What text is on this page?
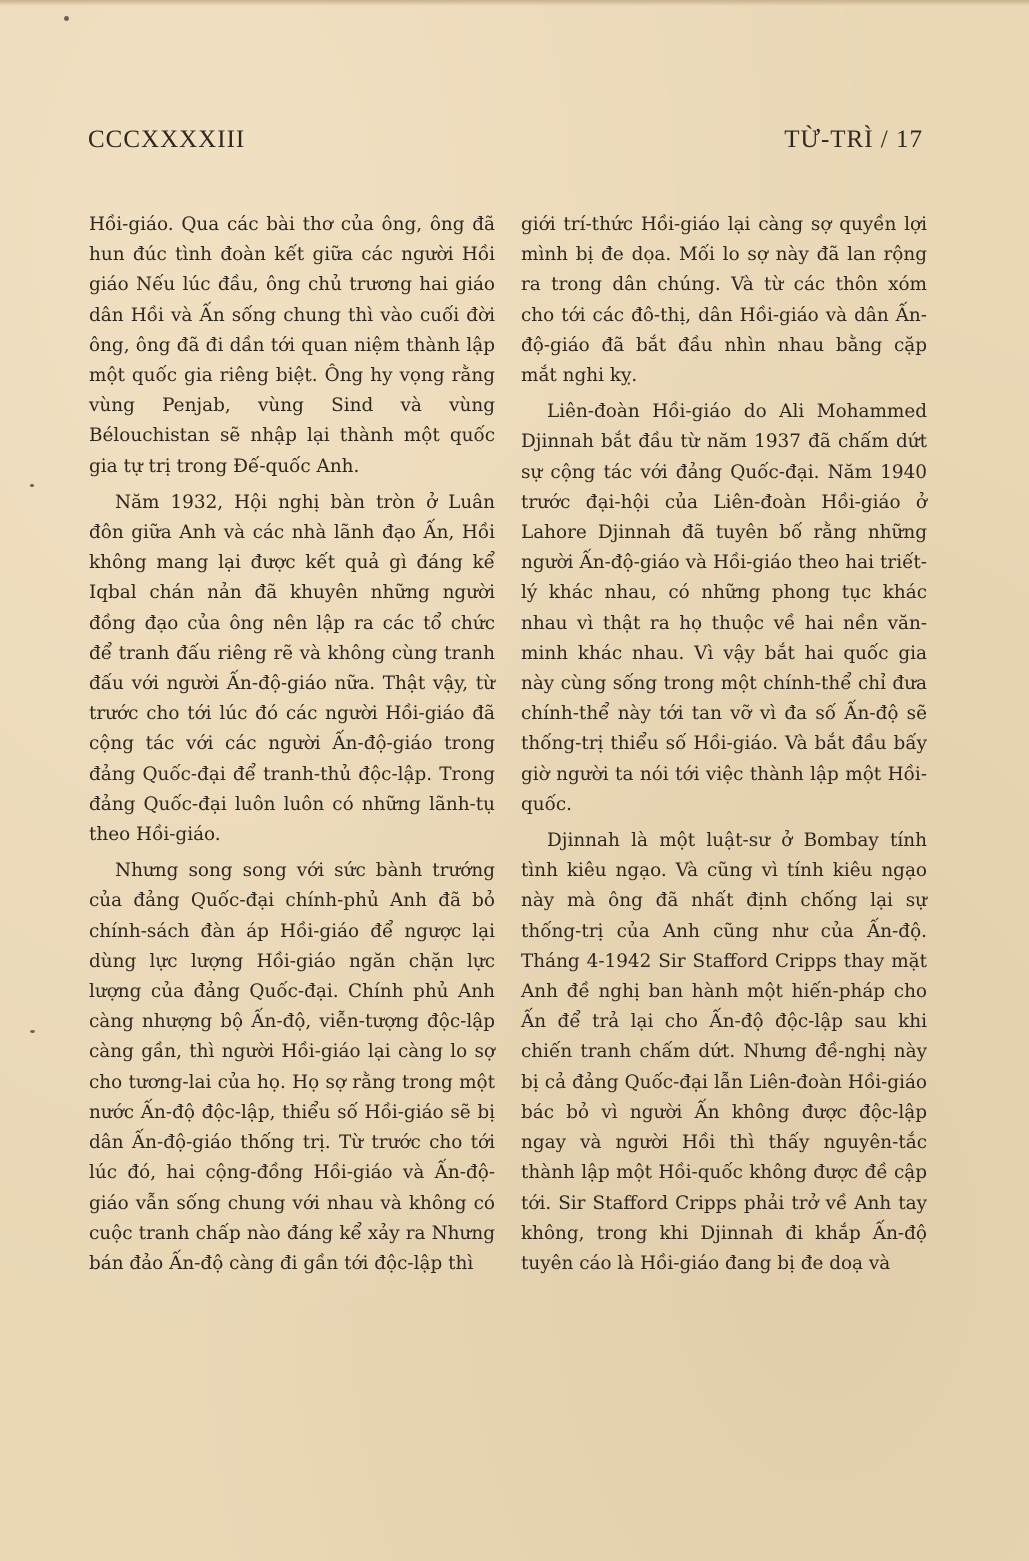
CCCXXXXIII	TỪ-TRÌ / 17

Hồi-giáo. Qua các bài thơ của ông, ông đã hun đúc tình đoàn kết giữa các người Hồi giáo Nếu lúc đầu, ông chủ trương hai giáo dân Hồi và Ấn sống chung thì vào cuối đời ông, ông đã đi dần tới quan niệm thành lập một quốc gia riêng biệt. Ông hy vọng rằng vùng Penjab, vùng Sind và vùng Bélouchistan sẽ nhập lại thành một quốc gia tự trị trong Đế-quốc Anh.

Năm 1932, Hội nghị bàn tròn ở Luân đôn giữa Anh và các nhà lãnh đạo Ấn, Hồi không mang lại được kết quả gì đáng kể Iqbal chán nản đã khuyên những người đồng đạo của ông nên lập ra các tổ chức để tranh đấu riêng rẽ và không cùng tranh đấu với người Ấn-độ-giáo nữa. Thật vậy, từ trước cho tới lúc đó các người Hồi-giáo đã cộng tác với các người Ấn-độ-giáo trong đảng Quốc-đại để tranh-thủ độc-lập. Trong đảng Quốc-đại luôn luôn có những lãnh-tụ theo Hồi-giáo.

Nhưng song song với sức bành trướng của đảng Quốc-đại chính-phủ Anh đã bỏ chính-sách đàn áp Hồi-giáo để ngược lại dùng lực lượng Hồi-giáo ngăn chặn lực lượng của đảng Quốc-đại. Chính phủ Anh càng nhượng bộ Ấn-độ, viễn-tượng độc-lập càng gần, thì người Hồi-giáo lại càng lo sợ cho tương-lai của họ. Họ sợ rằng trong một nước Ấn-độ độc-lập, thiểu số Hồi-giáo sẽ bị dân Ấn-độ-giáo thống trị. Từ trước cho tới lúc đó, hai cộng-đồng Hồi-giáo và Ấn-độ-giáo vẫn sống chung với nhau và không có cuộc tranh chấp nào đáng kể xảy ra Nhưng bán đảo Ấn-độ càng đi gần tới độc-lập thì

giới trí-thức Hồi-giáo lại càng sợ quyền lợi mình bị đe dọa. Mối lo sợ này đã lan rộng ra trong dân chúng. Và từ các thôn xóm cho tới các đô-thị, dân Hồi-giáo và dân Ấn-độ-giáo đã bắt đầu nhìn nhau bằng cặp mắt nghi kỵ.

Liên-đoàn Hồi-giáo do Ali Mohammed Djinnah bắt đầu từ năm 1937 đã chấm dứt sự cộng tác với đảng Quốc-đại. Năm 1940 trước đại-hội của Liên-đoàn Hồi-giáo ở Lahore Djinnah đã tuyên bố rằng những người Ấn-độ-giáo và Hồi-giáo theo hai triết-lý khác nhau, có những phong tục khác nhau vì thật ra họ thuộc về hai nền văn-minh khác nhau. Vì vậy bắt hai quốc gia này cùng sống trong một chính-thể chỉ đưa chính-thể này tới tan vỡ vì đa số Ấn-độ sẽ thống-trị thiểu số Hồi-giáo. Và bắt đầu bấy giờ người ta nói tới việc thành lập một Hồi-quốc.

Djinnah là một luật-sư ở Bombay tính tình kiêu ngạo. Và cũng vì tính kiêu ngạo này mà ông đã nhất định chống lại sự thống-trị của Anh cũng như của Ấn-độ. Tháng 4-1942 Sir Stafford Cripps thay mặt Anh đề nghị ban hành một hiến-pháp cho Ấn để trả lại cho Ấn-độ độc-lập sau khi chiến tranh chấm dứt. Nhưng đề-nghị này bị cả đảng Quốc-đại lẫn Liên-đoàn Hồi-giáo bác bỏ vì người Ấn không được độc-lập ngay và người Hồi thì thấy nguyên-tắc thành lập một Hồi-quốc không được đề cập tới. Sir Stafford Cripps phải trở về Anh tay không, trong khi Djinnah đi khắp Ấn-độ tuyên cáo là Hồi-giáo đang bị đe doạ và
